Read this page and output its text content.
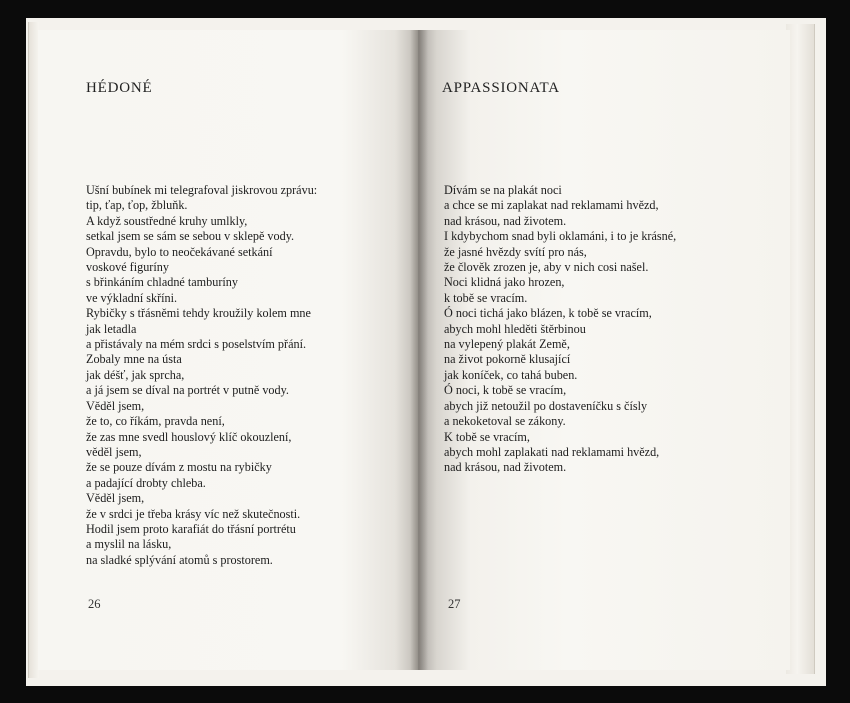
HÉDONÉ
Ušní bubínek mi telegrafoval jiskrovou zprávu:
tip, ťap, ťop, žbluňk.
A když soustředné kruhy umlkly,
setkal jsem se sám se sebou v sklepě vody.
Opravdu, bylo to neočekávané setkání
voskové figuríny
s břinkáním chladné tamburíny
ve výkladní skříni.
Rybičky s třásněmi tehdy kroužily kolem mne
jak letadla
a přistávaly na mém srdci s poselstvím přání.
Zobaly mne na ústa
jak déšť, jak sprcha,
a já jsem se díval na portrét v putně vody.
Věděl jsem,
že to, co říkám, pravda není,
že zas mne svedl houslový klíč okouzlení,
věděl jsem,
že se pouze dívám z mostu na rybičky
a padající drobty chleba.
Věděl jsem,
že v srdci je třeba krásy víc než skutečnosti.
Hodil jsem proto karafiát do třásní portrétu
a myslil na lásku,
na sladké splývání atomů s prostorem.
26
APPASSIONATA
Dívám se na plakát noci
a chce se mi zaplakat nad reklamami hvězd,
nad krásou, nad životem.
I kdybychom snad byli oklamáni, i to je krásné,
že jasné hvězdy svítí pro nás,
že člověk zrozen je, aby v nich cosi našel.
Noci klidná jako hrozen,
k tobě se vracím.
Ó noci tichá jako blázen, k tobě se vracím,
abych mohl hleděti štěrbinou
na vylepený plakát Země,
na život pokorně klusající
jak koníček, co tahá buben.
Ó noci, k tobě se vracím,
abych již netoužil po dostaveníčku s čísly
a nekoketoval se zákony.
K tobě se vracím,
abych mohl zaplakati nad reklamami hvězd,
nad krásou, nad životem.
27
